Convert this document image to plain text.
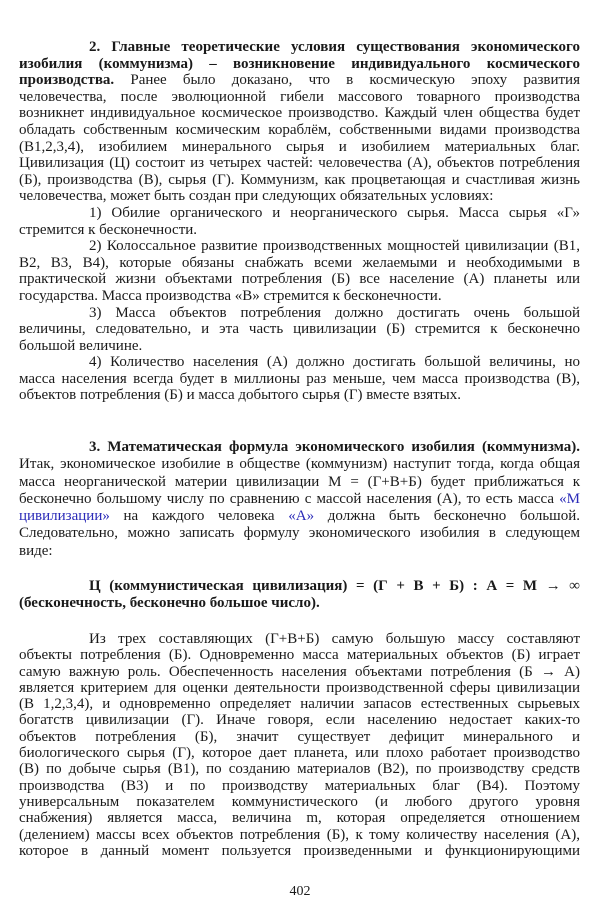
2. Главные теоретические условия существования экономического
изобилия (коммунизма) – возникновение индивидуального космического
производства. Ранее было доказано, что в космическую эпоху развития
человечества, после эволюционной гибели массового товарного производства
возникнет индивидуальное космическое производство. Каждый член общества будет
обладать собственным космическим кораблём, собственными видами производства
(В1,2,3,4), изобилием минерального сырья и изобилием материальных благ.
Цивилизация (Ц) состоит из четырех частей: человечества (А), объектов потребления
(Б), производства (В), сырья (Г). Коммунизм, как процветающая и счастливая жизнь
человечества, может быть создан при следующих обязательных условиях:
1) Обилие органического и неорганического сырья. Масса сырья «Г»
стремится к бесконечности.
2) Колоссальное развитие производственных мощностей цивилизации (В1,
В2, В3, В4), которые обязаны снабжать всеми желаемыми и необходимыми в
практической жизни объектами потребления (Б) все население (А) планеты или
государства. Масса производства «В» стремится к бесконечности.
3) Масса объектов потребления должно достигать очень большой
величины, следовательно, и эта часть цивилизации (Б) стремится к бесконечно
большой величине.
4) Количество населения (А) должно достигать большой величины, но
масса населения всегда будет в миллионы раз меньше, чем масса производства (В),
объектов потребления (Б) и масса добытого сырья (Г) вместе взятых.
3. Математическая формула экономического изобилия (коммунизма).
Итак, экономическое изобилие в обществе (коммунизм) наступит тогда, когда общая
масса неорганической материи цивилизации М = (Г+В+Б) будет приближаться к
бесконечно большому числу по сравнению с массой населения (А), то есть масса «М
цивилизации» на каждого человека «А» должна быть бесконечно большой.
Следовательно, можно записать формулу экономического изобилия в следующем
виде:
Ц (коммунистическая цивилизация) = (Г + В + Б) : А = М → ∞
(бесконечность, бесконечно большое число).
Из трех составляющих (Г+В+Б) самую большую массу составляют
объекты потребления (Б). Одновременно масса материальных объектов (Б) играет
самую важную роль. Обеспеченность населения объектами потребления (Б → А)
является критерием для оценки деятельности производственной сферы цивилизации
(В 1,2,3,4), и одновременно определяет наличии запасов естественных сырьевых
богатств цивилизации (Г). Иначе говоря, если населению недостает каких-то
объектов потребления (Б), значит существует дефицит минерального и
биологического сырья (Г), которое дает планета, или плохо работает производство
(В) по добыче сырья (В1), по созданию материалов (В2), по производству средств
производства (В3) и по производству материальных благ (В4). Поэтому
универсальным показателем коммунистического (и любого другого уровня
снабжения) является масса, величина m, которая определяется отношением
(делением) массы всех объектов потребления (Б), к тому количеству населения (А),
которое в данный момент пользуется произведенными и функционирующими
402
